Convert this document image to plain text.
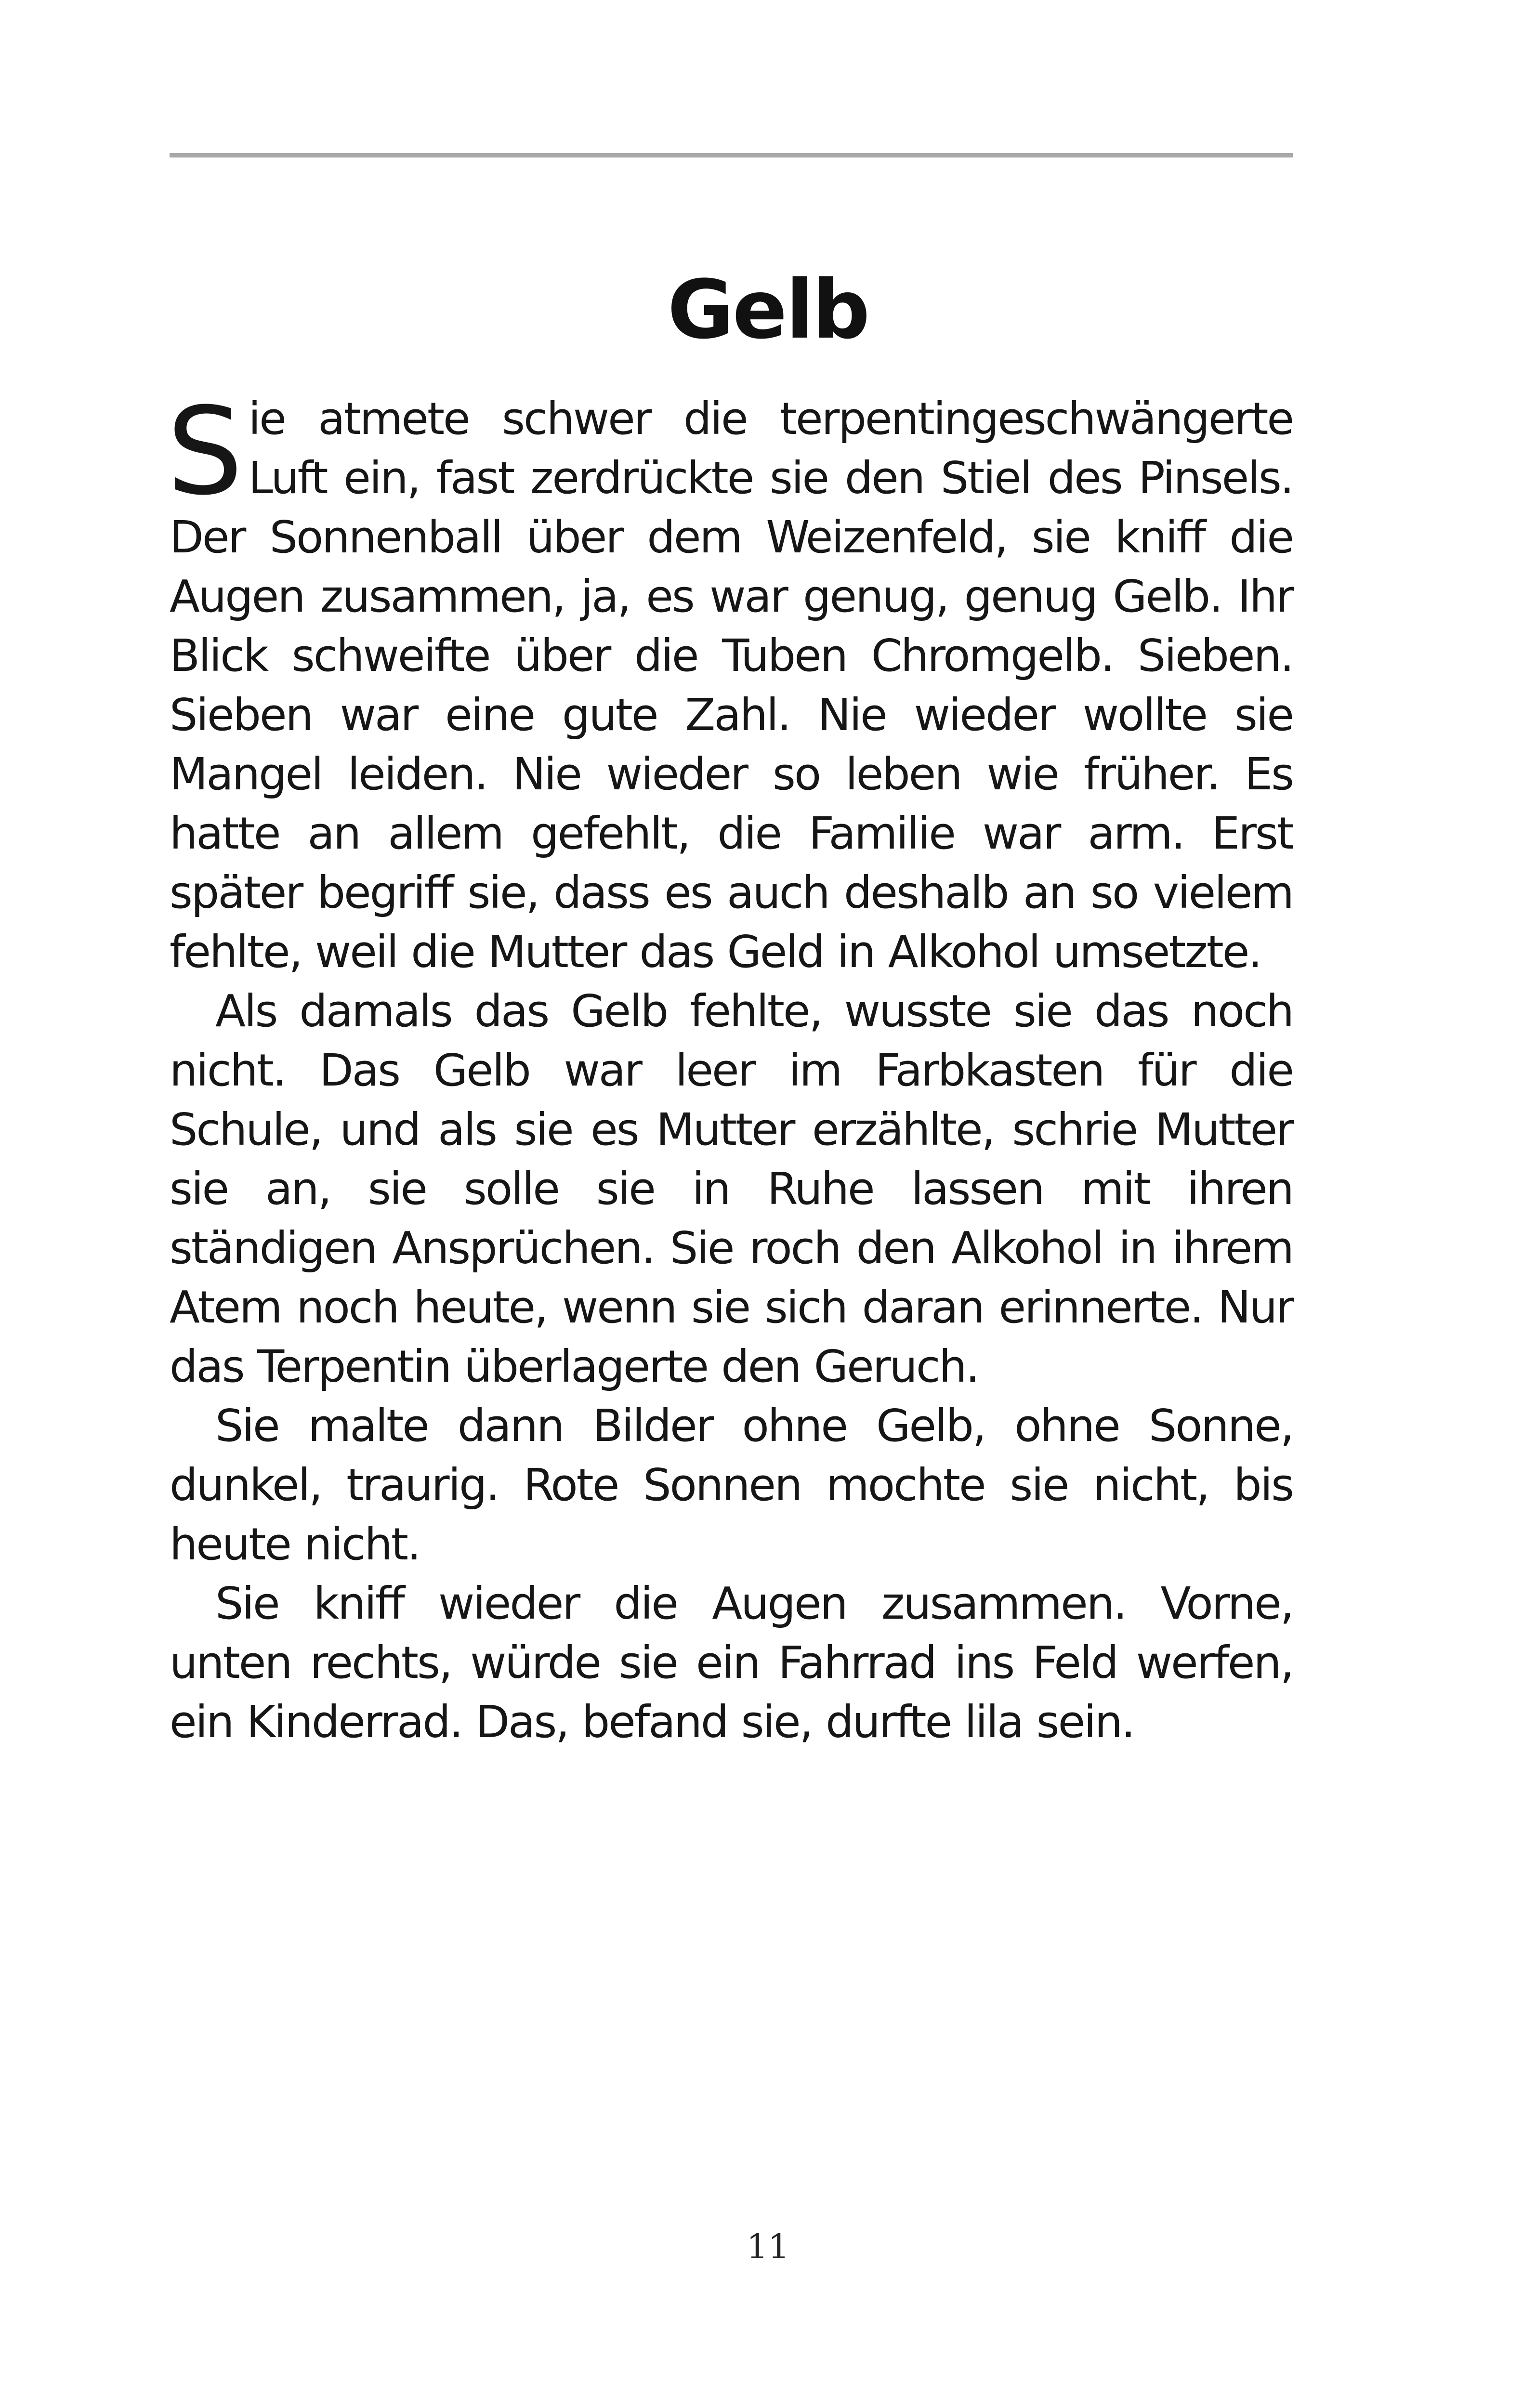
Gelb

Sie atmete schwer die terpentingeschwängerte Luft ein, fast zerdrückte sie den Stiel des Pinsels. Der Sonnenball über dem Weizenfeld, sie kniff die Augen zusammen, ja, es war genug, genug Gelb. Ihr Blick schweifte über die Tuben Chromgelb. Sieben. Sieben war eine gute Zahl. Nie wieder wollte sie Mangel leiden. Nie wieder so leben wie früher. Es hatte an allem gefehlt, die Familie war arm. Erst später begriff sie, dass es auch deshalb an so vielem fehlte, weil die Mutter das Geld in Alkohol umsetzte.

Als damals das Gelb fehlte, wusste sie das noch nicht. Das Gelb war leer im Farbkasten für die Schule, und als sie es Mutter erzählte, schrie Mutter sie an, sie solle sie in Ruhe lassen mit ihren ständigen Ansprüchen. Sie roch den Alkohol in ihrem Atem noch heute, wenn sie sich daran erinnerte. Nur das Terpentin überlagerte den Geruch.

Sie malte dann Bilder ohne Gelb, ohne Sonne, dunkel, traurig. Rote Sonnen mochte sie nicht, bis heute nicht.

Sie kniff wieder die Augen zusammen. Vorne, unten rechts, würde sie ein Fahrrad ins Feld werfen, ein Kinderrad. Das, befand sie, durfte lila sein.

11
